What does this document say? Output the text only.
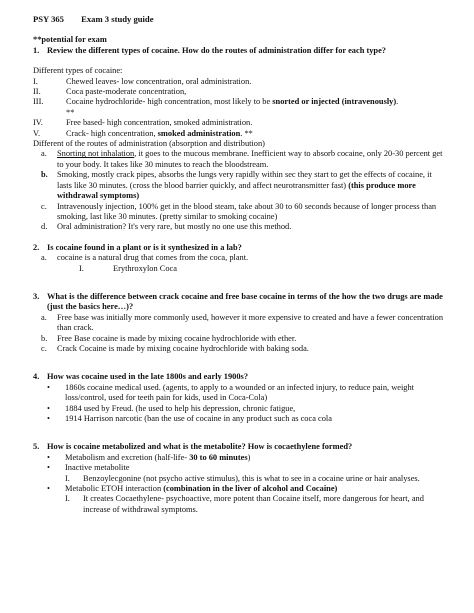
PSY 365 Exam 3 study guide
**potential for exam
1. Review the different types of cocaine. How do the routes of administration differ for each type?
Different types of cocaine:
I.	Chewed leaves- low concentration, oral administration.
II.	Coca paste-moderate concentration,
III.	Cocaine hydrochloride- high concentration, most likely to be snorted or injected (intravenously).
**
IV.	Free based- high concentration, smoked administration.
V.	Crack- high concentration, smoked administration. **
Different of the routes of administration (absorption and distribution)
a.	Snorting not inhalation, it goes to the mucous membrane. Inefficient way to absorb cocaine, only 20-30 percent get to your body. It takes like 30 minutes to reach the bloodstream.
b.	Smoking, mostly crack pipes, absorbs the lungs very rapidly within sec they start to get the effects of cocaine, it lasts like 30 minutes. (cross the blood barrier quickly, and affect neurotransmitter fast) (this produce more withdrawal symptoms)
c.	Intravenously injection, 100% get in the blood steam, take about 30 to 60 seconds because of longer process than smoking, last like 30 minutes. (pretty similar to smoking cocaine)
d.	Oral administration? It's very rare, but mostly no one use this method.
2. Is cocaine found in a plant or is it synthesized in a lab?
a.	cocaine is a natural drug that comes from the coca, plant.
I.	Erythroxylon Coca
3. What is the difference between crack cocaine and free base cocaine in terms of the how the two drugs are made (just the basics here…)?
a.	Free base was initially more commonly used, however it more expensive to created and have a fewer concentration than crack.
b.	Free Base cocaine is made by mixing cocaine hydrochloride with ether.
c.	Crack Cocaine is made by mixing cocaine hydrochloride with baking soda.
4. How was cocaine used in the late 1800s and early 1900s?
•	1860s cocaine medical used. (agents, to apply to a wounded or an infected injury, to reduce pain, weight loss/control, used for teeth pain for kids, used in Coca-Cola)
•	1884 used by Freud. (he used to help his depression, chronic fatigue,
•	1914 Harrison narcotic (ban the use of cocaine in any product such as coca cola
5. How is cocaine metabolized and what is the metabolite? How is cocaethylene formed?
•	Metabolism and excretion (half-life- 30 to 60 minutes)
•	Inactive metabolite
I.	Benzoylecgonine (not psycho active stimulus), this is what to see in a cocaine urine or hair analyses.
•	Metabolic ETOH interaction (combination in the liver of alcohol and Cocaine)
I.	It creates Cocaethylene- psychoactive, more potent than Cocaine itself, more dangerous for heart, and increase of withdrawal symptoms.
